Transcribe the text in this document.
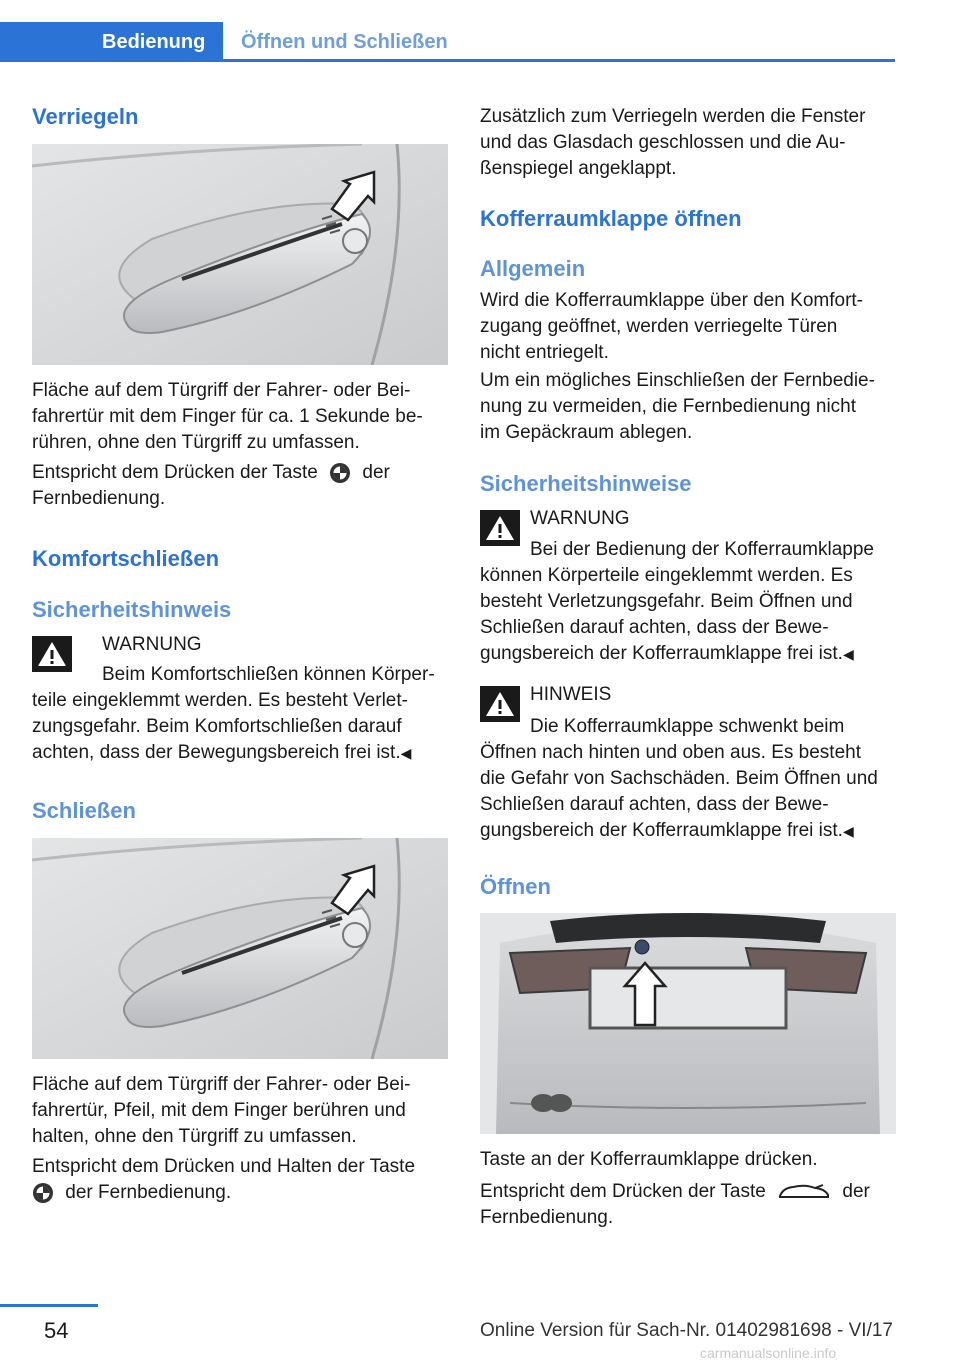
Bedienung	Öffnen und Schließen
Verriegeln
Fläche auf dem Türgriff der Fahrer- oder Bei-
fahrertür mit dem Finger für ca. 1 Sekunde be-
rühren, ohne den Türgriff zu umfassen.
Entspricht dem Drücken der Taste der
Fernbedienung.
Komfortschließen
Sicherheitshinweis
WARNUNG
Beim Komfortschließen können Körper-
teile eingeklemmt werden. Es besteht Verlet-
zungsgefahr. Beim Komfortschließen darauf
achten, dass der Bewegungsbereich frei ist.◀
Schließen
Fläche auf dem Türgriff der Fahrer- oder Bei-
fahrertür, Pfeil, mit dem Finger berühren und
halten, ohne den Türgriff zu umfassen.
Entspricht dem Drücken und Halten der Taste
der Fernbedienung.
Zusätzlich zum Verriegeln werden die Fenster
und das Glasdach geschlossen und die Au-
ßenspiegel angeklappt.
Kofferraumklappe öffnen
Allgemein
Wird die Kofferraumklappe über den Komfort-
zugang geöffnet, werden verriegelte Türen
nicht entriegelt.
Um ein mögliches Einschließen der Fernbedie-
nung zu vermeiden, die Fernbedienung nicht
im Gepäckraum ablegen.
Sicherheitshinweise
WARNUNG
Bei der Bedienung der Kofferraumklappe
können Körperteile eingeklemmt werden. Es
besteht Verletzungsgefahr. Beim Öffnen und
Schließen darauf achten, dass der Bewe-
gungsbereich der Kofferraumklappe frei ist.◀
HINWEIS
Die Kofferraumklappe schwenkt beim
Öffnen nach hinten und oben aus. Es besteht
die Gefahr von Sachschäden. Beim Öffnen und
Schließen darauf achten, dass der Bewe-
gungsbereich der Kofferraumklappe frei ist.◀
Öffnen
Taste an der Kofferraumklappe drücken.
Entspricht dem Drücken der Taste	der
Fernbedienung.
54	Online Version für Sach-Nr. 01402981698 - VI/17
carmanualsonline.info
